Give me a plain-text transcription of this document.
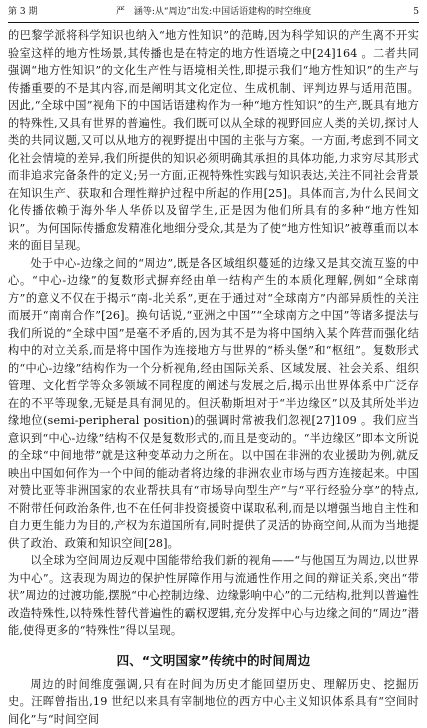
第 3 期	严　涵等:从“周边”出发:中国话语建构的时空维度	5

的巴黎学派将科学知识也纳入“地方性知识”的范畴,因为科学知识的产生离不开实验室这样的地方性场景,其传播也是在特定的地方性语境之中[24]164 。二者共同强调“地方性知识”的文化生产性与语境相关性,即提示我们“地方性知识”的生产与传播重要的不是其内容,而是阐明其文化定位、生成机制、评判边界与适用范围。因此,“全球中国”视角下的中国话语建构作为一种“地方性知识”的生产,既具有地方的特殊性,又具有世界的普遍性。我们既可以从全球的视野回应人类的关切,探讨人类的共同议题,又可以从地方的视野提出中国的主张与方案。一方面,考虑到不同文化社会情境的差异,我们所提供的知识必须明确其承担的具体功能,力求穷尽其形式而非追求完备条件的定义;另一方面,正视特殊性实践与知识表达,关注不同社会背景在知识生产、获取和合理性辩护过程中所起的作用[25]。具体而言,为什么民间文化传播依赖于海外华人华侨以及留学生,正是因为他们所具有的多种“地方性知识”。为何国际传播愈发精准化地细分受众,其是为了使“地方性知识”被尊重而以本来的面目呈现。

处于中心-边缘之间的“周边”,既是各区域组织蔓延的边缘又是其交流互鉴的中心。“中心-边缘”的复数形式摒弃经由单一结构产生的本质化理解,例如“全球南方”的意义不仅在于揭示“南-北关系”,更在于通过对“全球南方”内部异质性的关注而展开“南南合作”[26]。换句话说,“亚洲之中国”“全球南方之中国”等诸多提法与我们所说的“全球中国”是毫不矛盾的,因为其不是为将中国纳入某个阵营而强化结构中的对立关系,而是将中国作为连接地方与世界的“桥头堡”和“枢纽”。复数形式的“中心-边缘”结构作为一个分析视角,经由国际关系、区域发展、社会关系、组织管理、文化哲学等众多领域不同程度的阐述与发展之后,揭示出世界体系中广泛存在的不平等现象,无疑是具有洞见的。但沃勒斯坦对于“半边缘区”以及其所处半边缘地位(semi-peripheral position)的强调时常被我们忽视[27]109 。我们应当意识到“中心-边缘”结构不仅是复数形式的,而且是变动的。“半边缘区”即本文所说的全球“中间地带”就是这种变革动力之所在。以中国在非洲的农业援助为例,就反映出中国如何作为一个中间的能动者将边缘的非洲农业市场与西方连接起来。中国对赞比亚等非洲国家的农业帮扶具有“市场导向型生产”与“平行经验分享”的特点,不附带任何政治条件,也不在任何非投资援资中谋取私利,而是以增强当地自主性和自力更生能力为目的,产权为东道国所有,同时提供了灵活的协商空间,从而为当地提供了政治、政策和知识空间[28]。

以全球为空间周边反观中国能带给我们新的视角——“与他国互为周边,以世界为中心”。这表现为周边的保护性屏障作用与流通性作用之间的辩证关系,突出“带状”周边的过渡功能,摆脱“中心控制边缘、边缘影响中心”的二元结构,批判以普遍性改造特殊性,以特殊性替代普遍性的霸权逻辑,充分发挥中心与边缘之间的“周边”潜能,使得更多的“特殊性”得以呈现。

四、“文明国家”传统中的时间周边

周边的时间维度强调,只有在时间为历史才能回望历史、理解历史、挖掘历史。汪晖曾指出,19 世纪以来具有宰制地位的西方中心主义知识体系具有“空间时间化”与“时间空间
